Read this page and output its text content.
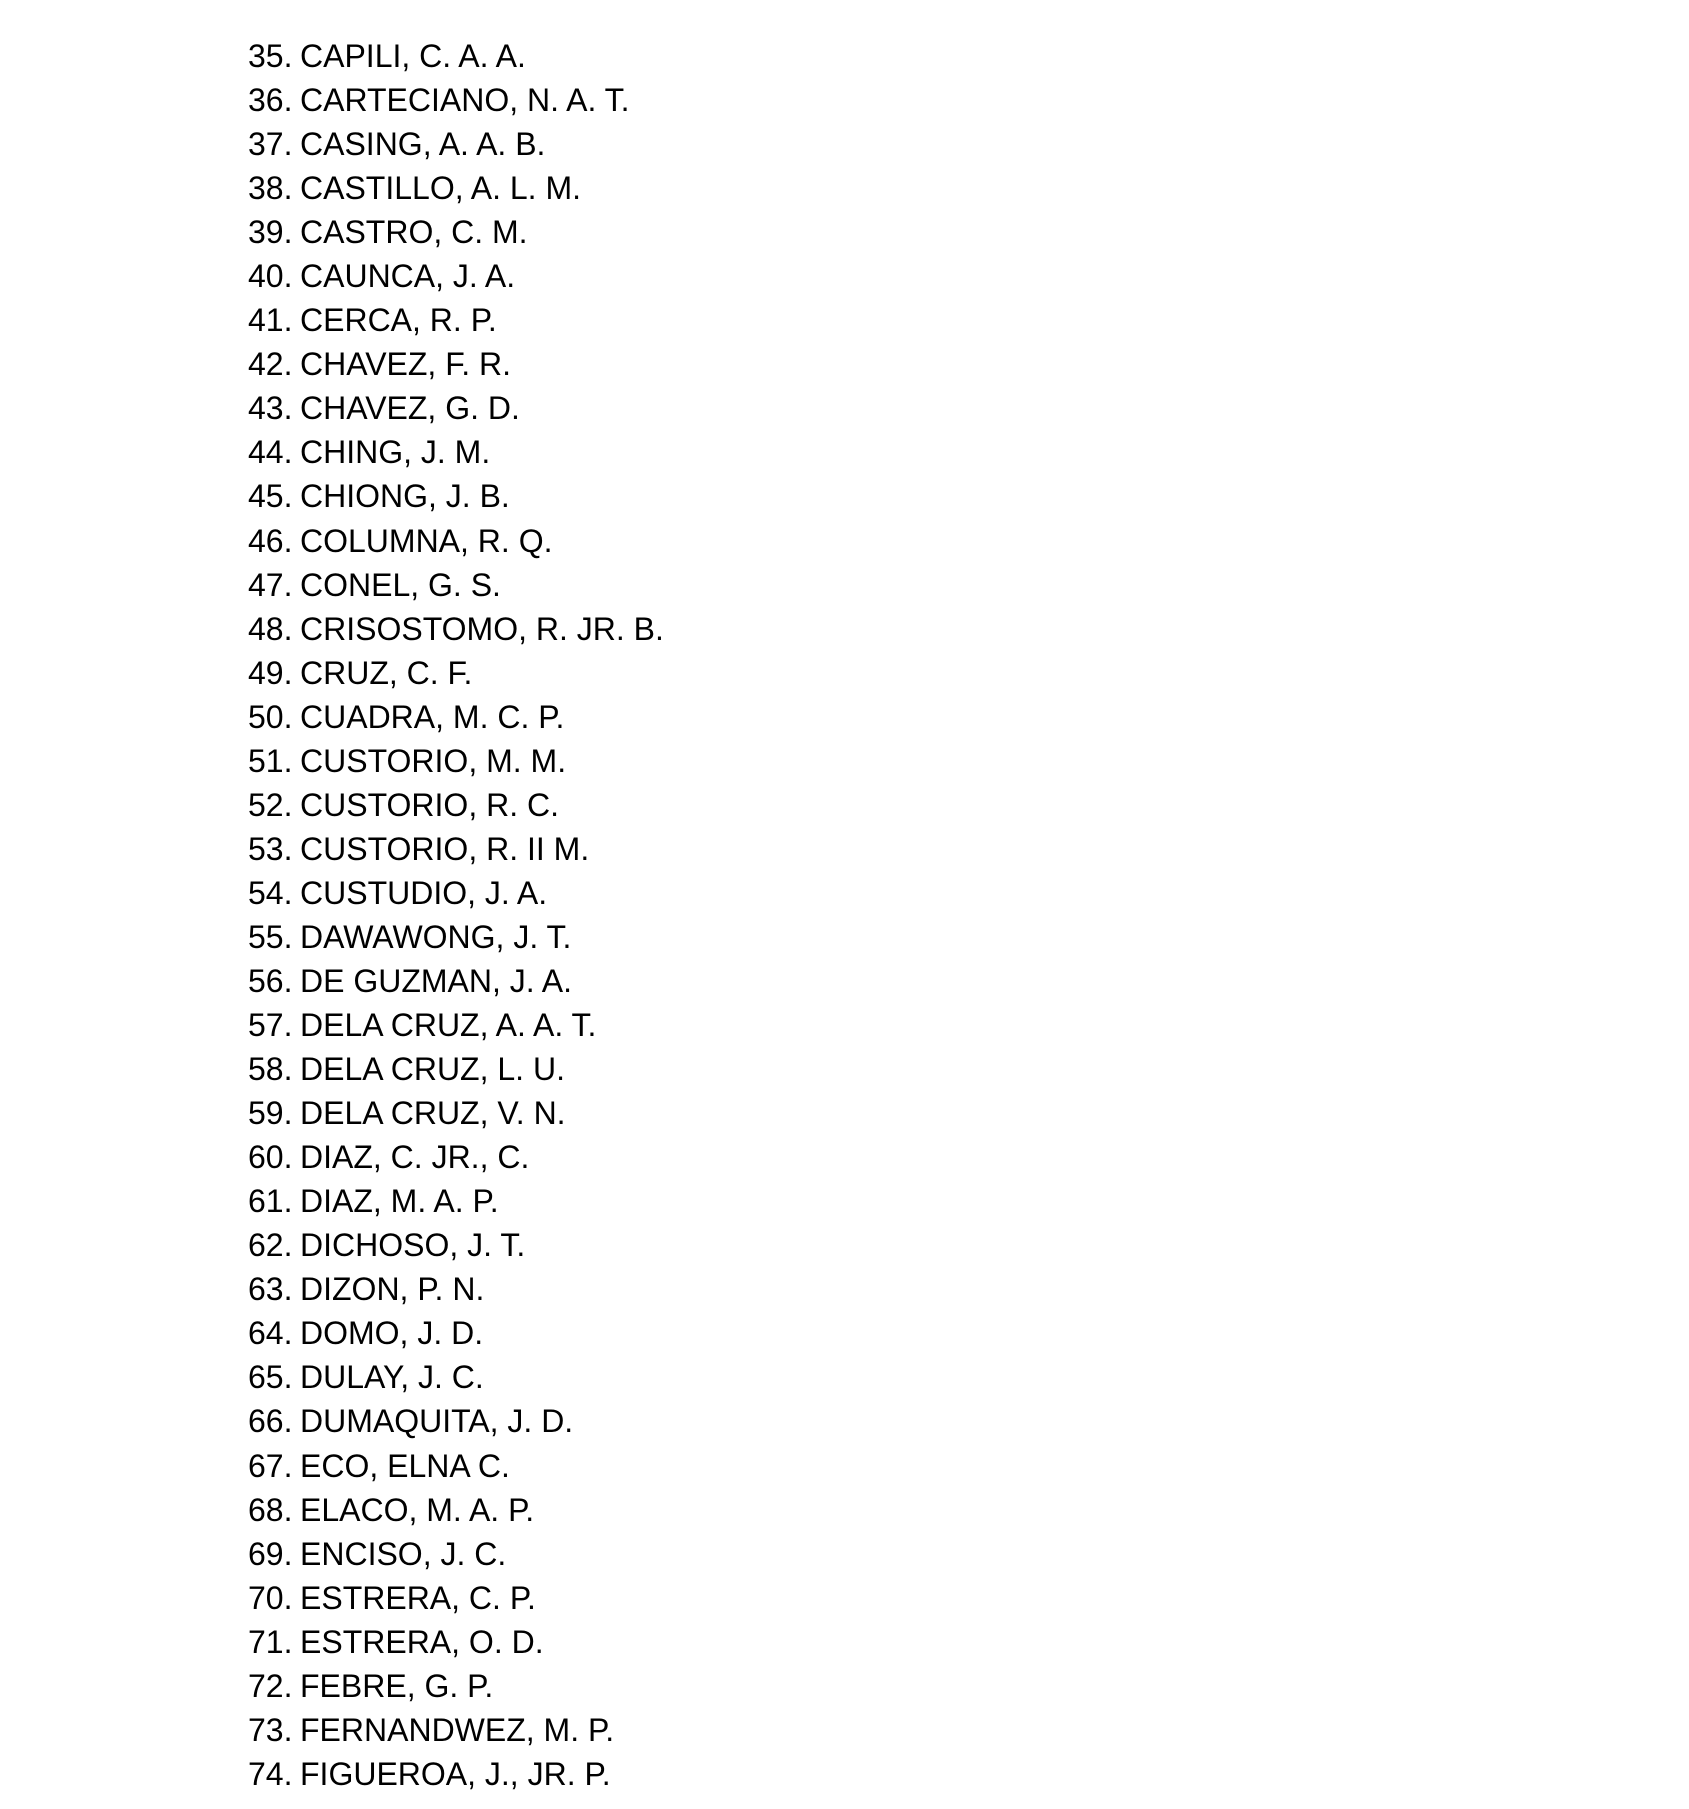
35. CAPILI, C. A. A.
36. CARTECIANO, N. A. T.
37. CASING, A. A. B.
38. CASTILLO, A. L. M.
39. CASTRO, C. M.
40. CAUNCA, J. A.
41. CERCA, R. P.
42. CHAVEZ, F. R.
43. CHAVEZ, G. D.
44. CHING, J. M.
45. CHIONG, J. B.
46. COLUMNA, R. Q.
47. CONEL, G. S.
48. CRISOSTOMO, R. JR. B.
49. CRUZ, C. F.
50. CUADRA, M. C. P.
51. CUSTORIO, M. M.
52. CUSTORIO, R. C.
53. CUSTORIO, R. II M.
54. CUSTUDIO, J. A.
55. DAWAWONG, J. T.
56. DE GUZMAN, J. A.
57. DELA CRUZ, A. A. T.
58. DELA CRUZ, L. U.
59. DELA CRUZ, V. N.
60. DIAZ, C. JR., C.
61. DIAZ, M. A. P.
62. DICHOSO, J. T.
63. DIZON, P. N.
64. DOMO, J. D.
65. DULAY, J. C.
66. DUMAQUITA, J. D.
67. ECO, ELNA C.
68. ELACO, M. A. P.
69. ENCISO, J. C.
70. ESTRERA, C. P.
71. ESTRERA, O. D.
72. FEBRE, G. P.
73. FERNANDWEZ, M. P.
74. FIGUEROA, J., JR. P.
